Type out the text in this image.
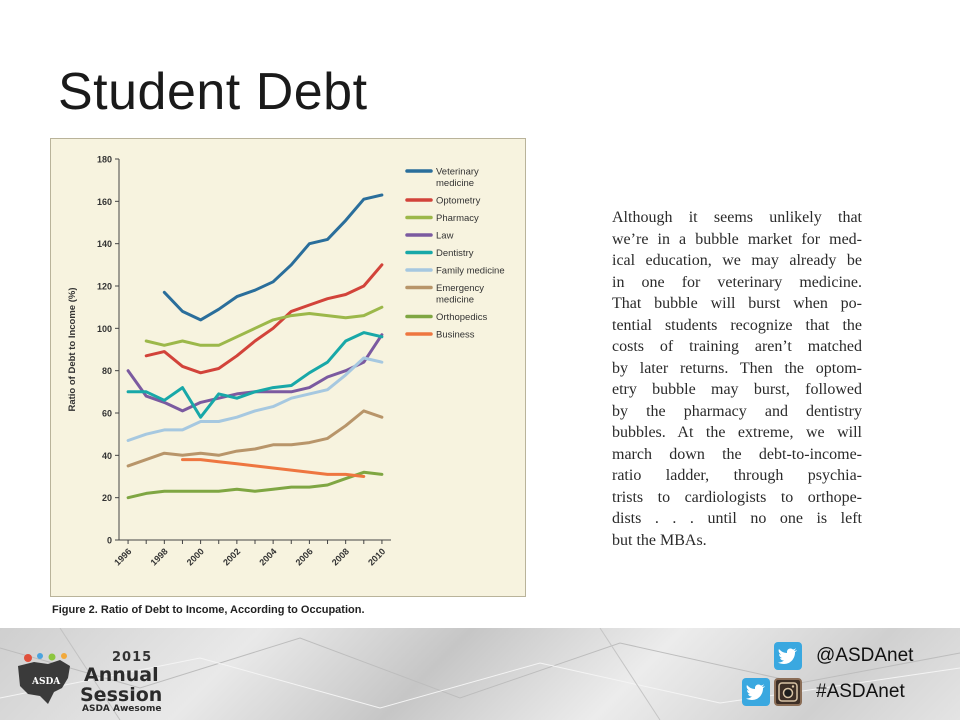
Student Debt
0
20
40
60
80
100
120
140
160
180
1996 1998 2000 2002 2004 2006 2008 2010
Ratio of Debt to Income (%)
Veterinary medicine
Optometry
Pharmacy
Law
Dentistry
Family medicine
Emergency medicine
Orthopedics
Business
Figure 2. Ratio of Debt to Income, According to Occupation.
Although it seems unlikely that
we’re in a bubble market for med-
ical education, we may already be
in one for veterinary medicine.
That bubble will burst when po-
tential students recognize that the
costs of training aren’t matched
by later returns. Then the optom-
etry bubble may burst, followed
by the pharmacy and dentistry
bubbles. At the extreme, we will
march down the debt-to-income-
ratio ladder, through psychia-
trists to cardiologists to orthope-
dists . . . until no one is left
but the MBAs.
ASDA
2015
Annual
Session
ASDA Awesome
@ASDAnet
#ASDAnet
